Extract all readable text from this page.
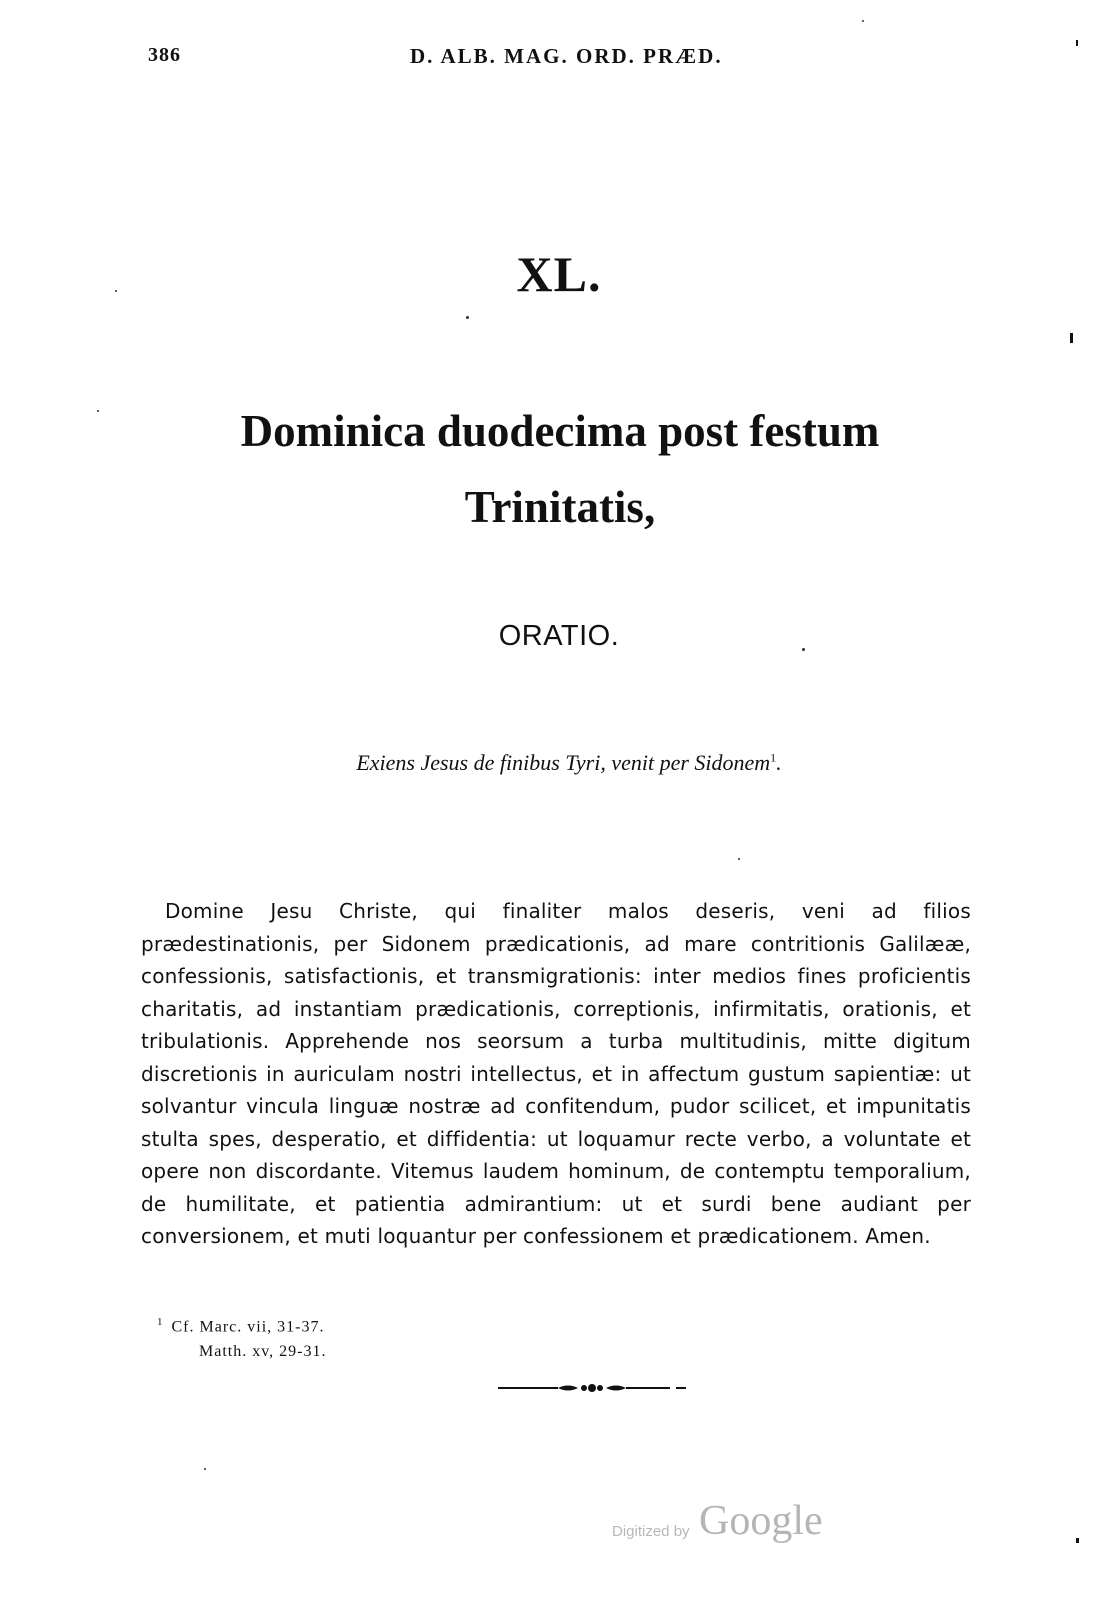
386	D. ALB. MAG. ORD. PRÆD.
XL.
Dominica duodecima post festum Trinitatis,
ORATIO.
Exiens Jesus de finibus Tyri, venit per Sidonem$^1$.

Domine Jesu Christe, qui finaliter malos deseris, veni ad filios prædestinationis, per Sidonem prædicationis, ad mare contritionis Galilææ, confessionis, satisfactionis, et transmigrationis: inter medios fines proficientis charitatis, ad instantiam prædicationis, correptionis, infirmitatis, orationis, et tribulationis. Apprehende nos seorsum a turba multitudinis, mitte digitum discretionis in auriculam nostri intellectus, et in affectum gustum sapientiæ: ut solvantur vincula linguæ nostræ ad confitendum, pudor scilicet, et impunitatis stulta spes, desperatio, et diffidentia: ut loquamur recte verbo, a voluntate et opere non discordante. Vitemus laudem hominum, de contemptu temporalium, de humilitate, et patientia admirantium: ut et surdi bene audiant per conversionem, et muti loquantur per confessionem et prædicationem. Amen.

$^1$ Cf. Marc. vii, 31-37.
Matth. xv, 29-31.
Digitized by Google
